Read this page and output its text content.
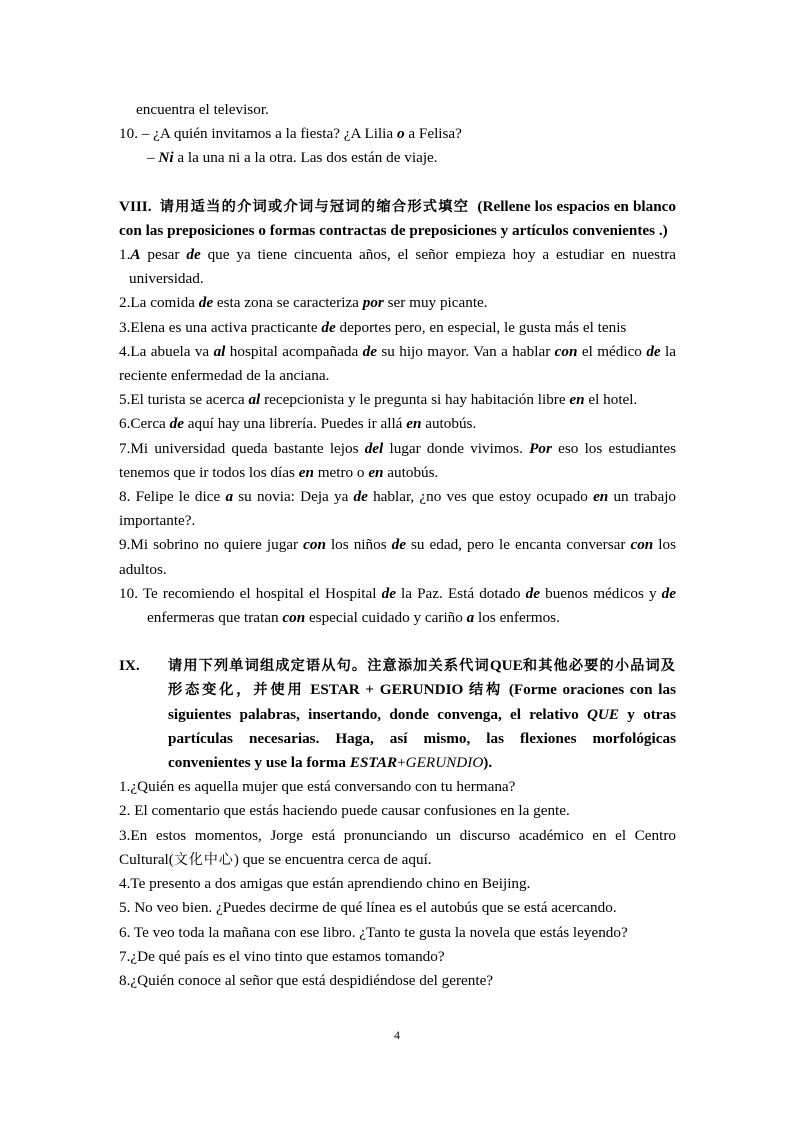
encuentra el televisor.

10. – ¿A quién invitamos a la fiesta? ¿A Lilia o a Felisa?

– Ni a la una ni a la otra. Las dos están de viaje.

VIII. 请用适当的介词或介词与冠词的缩合形式填空 (Rellene los espacios en blanco con las preposiciones o formas contractas de preposiciones y artículos convenientes .)

1.A pesar de que ya tiene cincuenta años, el señor empieza hoy a estudiar en nuestra universidad.

2.La comida de esta zona se caracteriza por ser muy picante.

3.Elena es una activa practicante de deportes pero, en especial, le gusta más el tenis

4.La abuela va al hospital acompañada de su hijo mayor. Van a hablar con el médico de la reciente enfermedad de la anciana.

5.El turista se acerca al recepcionista y le pregunta si hay habitación libre en el hotel.

6.Cerca de aquí hay una librería. Puedes ir allá en autobús.

7.Mi universidad queda bastante lejos del lugar donde vivimos. Por eso los estudiantes tenemos que ir todos los días en metro o en autobús.

8. Felipe le dice a su novia: Deja ya de hablar, ¿no ves que estoy ocupado en un trabajo importante?.

9.Mi sobrino no quiere jugar con los niños de su edad, pero le encanta conversar con los adultos.

10. Te recomiendo el hospital el Hospital de la Paz. Está dotado de buenos médicos y de enfermeras que tratan con especial cuidado y cariño a los enfermos.

IX.	请用下列单词组成定语从句。注意添加关系代词QUE和其他必要的小品词及形态变化，并使用 ESTAR + GERUNDIO 结构 (Forme oraciones con las siguientes palabras, insertando, donde convenga, el relativo QUE y otras partículas necesarias. Haga, así mismo, las flexiones morfológicas convenientes y use la forma ESTAR+GERUNDIO).

1.¿Quién es aquella mujer que está conversando con tu hermana?

2. El comentario que estás haciendo puede causar confusiones en la gente.

3.En estos momentos, Jorge está pronunciando un discurso académico en el Centro

Cultural(文化中心) que se encuentra cerca de aquí.

4.Te presento a dos amigas que están aprendiendo chino en Beijing.

5. No veo bien. ¿Puedes decirme de qué línea es el autobús que se está acercando.

6. Te veo toda la mañana con ese libro. ¿Tanto te gusta la novela que estás leyendo?

7.¿De qué país es el vino tinto que estamos tomando?

8.¿Quién conoce al señor que está despidiéndose del gerente?

4
